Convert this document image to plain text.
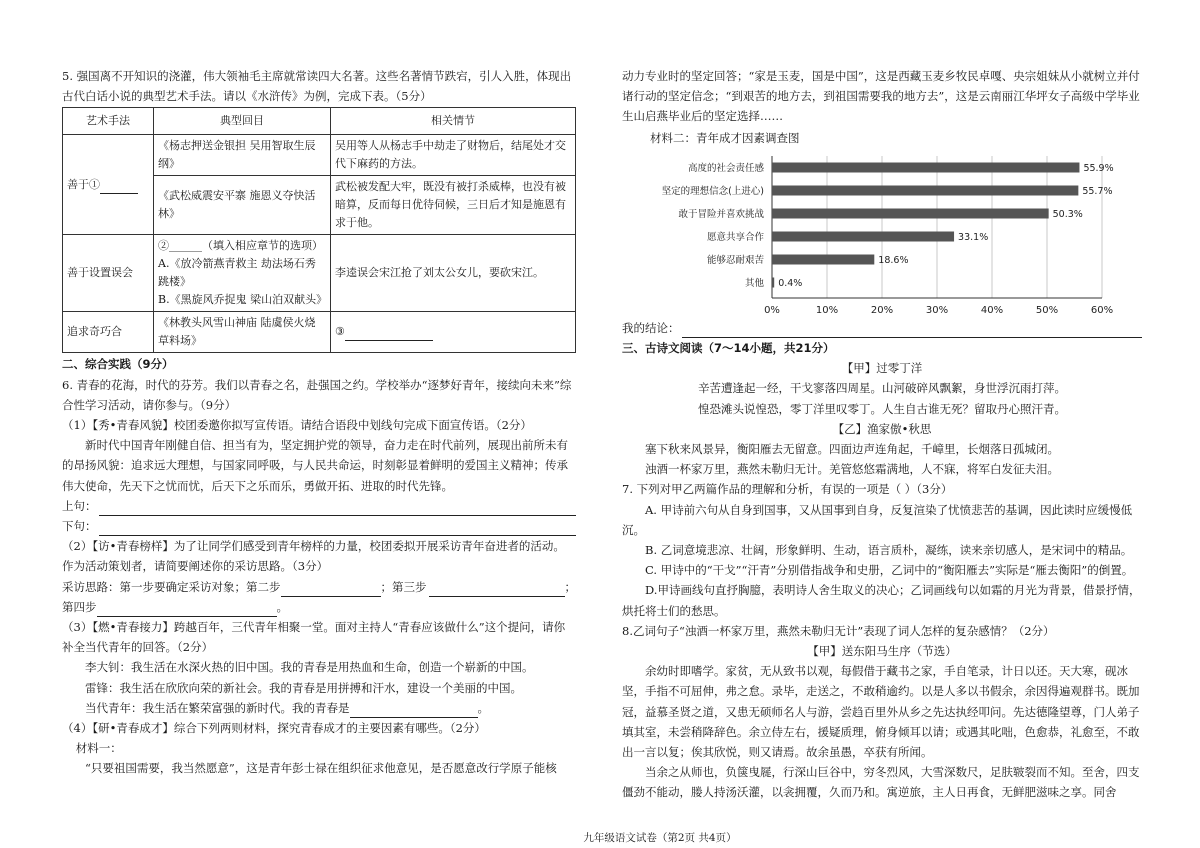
5. 强国离不开知识的浇灌，伟大领袖毛主席就常读四大名著。这些名著情节跌宕，引人入胜，体现出古代白话小说的典型艺术手法。请以《水浒传》为例，完成下表。（5分）

艺术手法	典型回目	相关情节
善于①	《杨志押送金银担 吴用智取生辰纲》	吴用等人从杨志手中劫走了财物后，结尾处才交代下麻药的方法。
	《武松威震安平寨 施恩义夺快活林》	武松被发配大牢，既没有被打杀威棒，也没有被暗算，反而每日优待伺候，三日后才知是施恩有求于他。
善于设置误会	②______（填入相应章节的选项）
A.《放冷箭燕青救主 劫法场石秀跳楼》
B.《黑旋风乔捉鬼 梁山泊双献头》	李逵误会宋江抢了刘太公女儿，要砍宋江。
追求奇巧合	《林教头风雪山神庙 陆虞侯火烧草料场》	③

二、综合实践（9分）

6. 青春的花海，时代的芬芳。我们以青春之名，赴强国之约。学校举办“逐梦好青年，接续向未来”综合性学习活动，请你参与。（9分）

（1）【秀•青春风貌】校团委邀你拟写宣传语。请结合语段中划线句完成下面宣传语。（2分）

新时代中国青年刚健自信、担当有为，坚定拥护党的领导，奋力走在时代前列，展现出前所未有的昂扬风貌：追求远大理想，与国家同呼吸，与人民共命运，时刻彰显着鲜明的爱国主义精神；传承伟大使命，先天下之忧而忧，后天下之乐而乐，勇做开拓、进取的时代先锋。

上句：
下句：

（2）【访•青春榜样】为了让同学们感受到青年榜样的力量，校团委拟开展采访青年奋进者的活动。作为活动策划者，请简要阐述你的采访思路。（3分）

采访思路：第一步要确定采访对象；第二步	；第三步	；
第四步	。

（3）【燃•青春接力】跨越百年，三代青年相聚一堂。面对主持人“青春应该做什么”这个提问，请你补全当代青年的回答。（2分）

李大钊：我生活在水深火热的旧中国。我的青春是用热血和生命，创造一个崭新的中国。

雷锋：我生活在欣欣向荣的新社会。我的青春是用拼搏和汗水，建设一个美丽的中国。

当代青年：我生活在繁荣富强的新时代。我的青春是	。

（4）【研•青春成才】综合下列两则材料，探究青春成才的主要因素有哪些。（2分）

材料一：

“只要祖国需要，我当然愿意”，这是青年彭士禄在组织征求他意见，是否愿意改行学原子能核

动力专业时的坚定回答；“家是玉麦，国是中国”，这是西藏玉麦乡牧民卓嘎、央宗姐妹从小就树立并付诸行动的坚定信念；“到艰苦的地方去，到祖国需要我的地方去”，这是云南丽江华坪女子高级中学毕业生山启燕毕业后的坚定选择……

材料二：青年成才因素调查图

0%	10%	20%	30%	40%	50%	60%
高度的社会责任感	55.9%
坚定的理想信念(上进心)	55.7%
敢于冒险并喜欢挑战	50.3%
愿意共享合作	33.1%
能够忍耐艰苦	18.6%
其他 0.4%
我的结论：

三、古诗文阅读（7～14小题，共21分）

【甲】过零丁洋

辛苦遭逢起一经，干戈寥落四周星。山河破碎风飘絮，身世浮沉雨打萍。

惶恐滩头说惶恐，零丁洋里叹零丁。人生自古谁无死？留取丹心照汗青。

【乙】渔家傲•秋思

塞下秋来风景异，衡阳雁去无留意。四面边声连角起，千嶂里，长烟落日孤城闭。

浊酒一杯家万里，燕然未勒归无计。羌管悠悠霜满地，人不寐，将军白发征夫泪。

7. 下列对甲乙两篇作品的理解和分析，有误的一项是（ ）（3分）

A. 甲诗前六句从自身到国事，又从国事到自身，反复渲染了忧愤悲苦的基调，因此读时应缓慢低沉。

B. 乙词意境悲凉、壮阔，形象鲜明、生动，语言质朴，凝练，读来亲切感人，是宋词中的精品。

C. 甲诗中的“干戈”“汗青”分别借指战争和史册，乙词中的“衡阳雁去”实际是“雁去衡阳”的倒置。

D.甲诗画线句直抒胸臆，表明诗人舍生取义的决心；乙词画线句以如霜的月光为背景，借景抒情，烘托将士们的愁思。

8.乙词句子“浊酒一杯家万里，燕然未勒归无计”表现了词人怎样的复杂感情？（2分）

【甲】送东阳马生序（节选）

余幼时即嗜学。家贫，无从致书以观，每假借于藏书之家，手自笔录，计日以还。天大寒，砚冰坚，手指不可屈伸，弗之怠。录毕，走送之，不敢稍逾约。以是人多以书假余，余因得遍观群书。既加冠，益慕圣贤之道，又患无硕师名人与游，尝趋百里外从乡之先达执经叩问。先达德隆望尊，门人弟子填其室，未尝稍降辞色。余立侍左右，援疑质理，俯身倾耳以请；或遇其叱咄，色愈恭，礼愈至，不敢出一言以复；俟其欣悦，则又请焉。故余虽愚，卒获有所闻。

当余之从师也，负箧曳屣，行深山巨谷中，穷冬烈风，大雪深数尺，足肤皲裂而不知。至舍，四支僵劲不能动，媵人持汤沃灌，以衾拥覆，久而乃和。寓逆旅，主人日再食，无鲜肥滋味之享。同舍

九年级语文试卷（第2页 共4页）
